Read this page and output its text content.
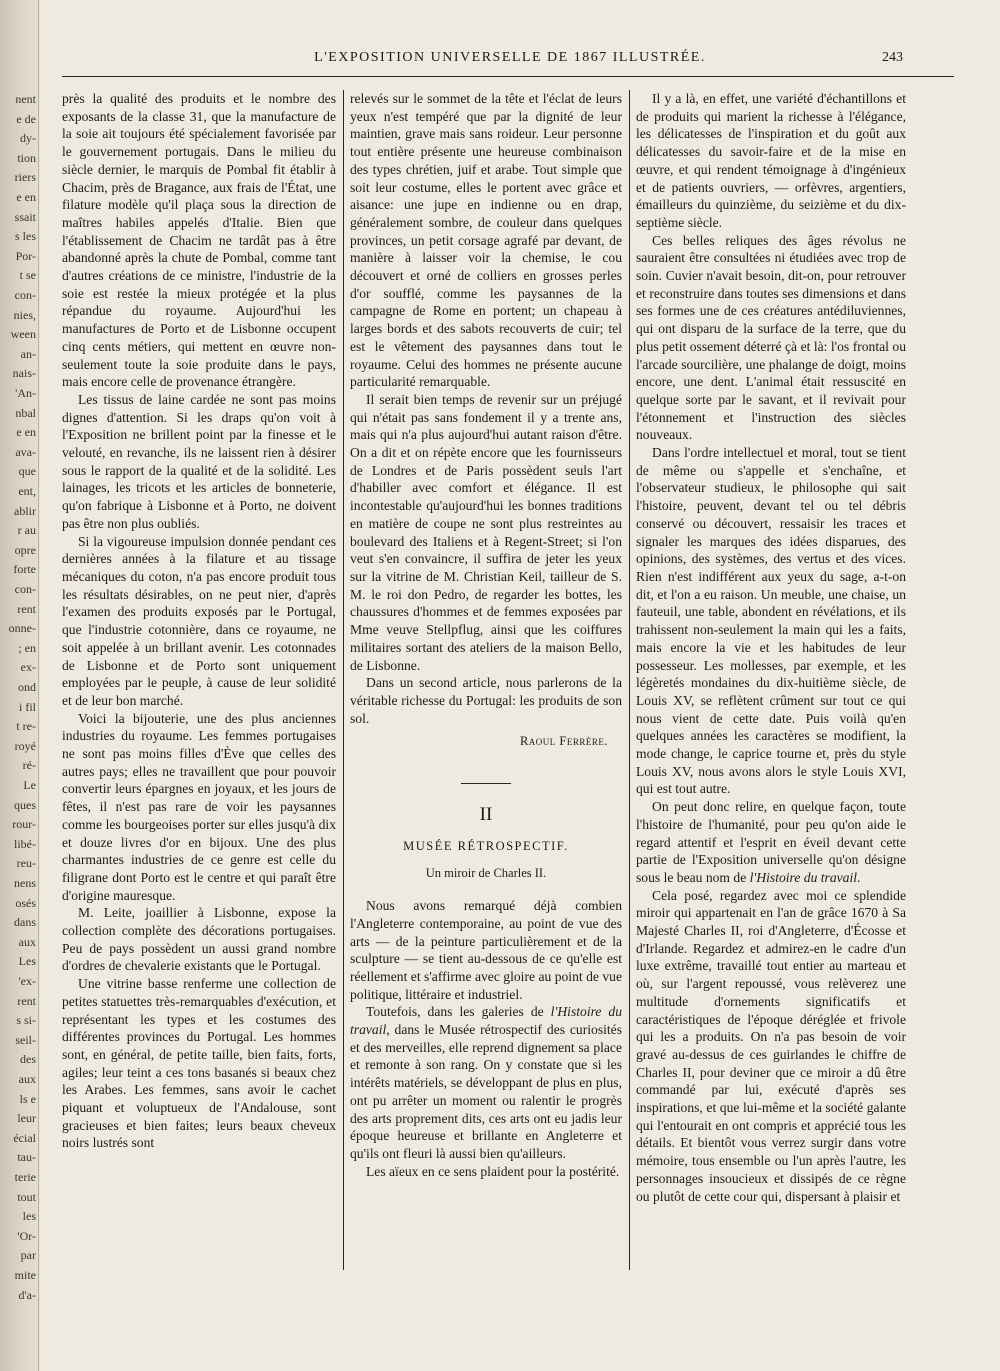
nent
e de
dy-
tion
riers
e en
ssait
s les
Por-
t se
con-
nies,
ween
an-
nais-
'An-
nbal
e en
ava-
que
ent,
ablir
r au
opre
forte
con-
rent
onne-
; en
ex-
ond
i fil
t re-
royé
ré-
Le
ques
rour-
libé-
reu-
nens
osés
dans
aux
Les
'ex-
rent
s si-
seil-
des
aux
ls e
leur
écial
tau-
terie
tout
les
'Or-
par
mite
d'a-
L'EXPOSITION UNIVERSELLE DE 1867 ILLUSTRÉE.	243

près la qualité des produits et le nombre des exposants de la classe 31, que la manufacture de la soie ait toujours été spécialement favorisée par le gouvernement portugais. Dans le milieu du siècle dernier, le marquis de Pombal fit établir à Chacim, près de Bragance, aux frais de l'État, une filature modèle qu'il plaça sous la direction de maîtres habiles appelés d'Italie. Bien que l'établissement de Chacim ne tardât pas à être abandonné après la chute de Pombal, comme tant d'autres créations de ce ministre, l'industrie de la soie est restée la mieux protégée et la plus répandue du royaume. Aujourd'hui les manufactures de Porto et de Lisbonne occupent cinq cents métiers, qui mettent en œuvre non-seulement toute la soie produite dans le pays, mais encore celle de provenance étrangère.

Les tissus de laine cardée ne sont pas moins dignes d'attention. Si les draps qu'on voit à l'Exposition ne brillent point par la finesse et le velouté, en revanche, ils ne laissent rien à désirer sous le rapport de la qualité et de la solidité. Les lainages, les tricots et les articles de bonneterie, qu'on fabrique à Lisbonne et à Porto, ne doivent pas être non plus oubliés.

Si la vigoureuse impulsion donnée pendant ces dernières années à la filature et au tissage mécaniques du coton, n'a pas encore produit tous les résultats désirables, on ne peut nier, d'après l'examen des produits exposés par le Portugal, que l'industrie cotonnière, dans ce royaume, ne soit appelée à un brillant avenir. Les cotonnades de Lisbonne et de Porto sont uniquement employées par le peuple, à cause de leur solidité et de leur bon marché.

Voici la bijouterie, une des plus anciennes industries du royaume. Les femmes portugaises ne sont pas moins filles d'Ève que celles des autres pays; elles ne travaillent que pour pouvoir convertir leurs épargnes en joyaux, et les jours de fêtes, il n'est pas rare de voir les paysannes comme les bourgeoises porter sur elles jusqu'à dix et douze livres d'or en bijoux. Une des plus charmantes industries de ce genre est celle du filigrane dont Porto est le centre et qui paraît être d'origine mauresque.

M. Leite, joaillier à Lisbonne, expose la collection complète des décorations portugaises. Peu de pays possèdent un aussi grand nombre d'ordres de chevalerie existants que le Portugal.

Une vitrine basse renferme une collection de petites statuettes très-remarquables d'exécution, et représentant les types et les costumes des différentes provinces du Portugal. Les hommes sont, en général, de petite taille, bien faits, forts, agiles; leur teint a ces tons basanés si beaux chez les Arabes. Les femmes, sans avoir le cachet piquant et voluptueux de l'Andalouse, sont gracieuses et bien faites; leurs beaux cheveux noirs lustrés sont

relevés sur le sommet de la tête et l'éclat de leurs yeux n'est tempéré que par la dignité de leur maintien, grave mais sans roideur. Leur personne tout entière présente une heureuse combinaison des types chrétien, juif et arabe. Tout simple que soit leur costume, elles le portent avec grâce et aisance: une jupe en indienne ou en drap, généralement sombre, de couleur dans quelques provinces, un petit corsage agrafé par devant, de manière à laisser voir la chemise, le cou découvert et orné de colliers en grosses perles d'or soufflé, comme les paysannes de la campagne de Rome en portent; un chapeau à larges bords et des sabots recouverts de cuir; tel est le vêtement des paysannes dans tout le royaume. Celui des hommes ne présente aucune particularité remarquable.

Il serait bien temps de revenir sur un préjugé qui n'était pas sans fondement il y a trente ans, mais qui n'a plus aujourd'hui autant raison d'être. On a dit et on répète encore que les fournisseurs de Londres et de Paris possèdent seuls l'art d'habiller avec comfort et élégance. Il est incontestable qu'aujourd'hui les bonnes traditions en matière de coupe ne sont plus restreintes au boulevard des Italiens et à Regent-Street; si l'on veut s'en convaincre, il suffira de jeter les yeux sur la vitrine de M. Christian Keil, tailleur de S. M. le roi don Pedro, de regarder les bottes, les chaussures d'hommes et de femmes exposées par Mme veuve Stellpflug, ainsi que les coiffures militaires sortant des ateliers de la maison Bello, de Lisbonne.

Dans un second article, nous parlerons de la véritable richesse du Portugal: les produits de son sol.

Raoul Ferrère.
II
MUSÉE RÉTROSPECTIF.
Un miroir de Charles II.

Nous avons remarqué déjà combien l'Angleterre contemporaine, au point de vue des arts — de la peinture particulièrement et de la sculpture — se tient au-dessous de ce qu'elle est réellement et s'affirme avec gloire au point de vue politique, littéraire et industriel.

Toutefois, dans les galeries de l'Histoire du travail, dans le Musée rétrospectif des curiosités et des merveilles, elle reprend dignement sa place et remonte à son rang. On y constate que si les intérêts matériels, se développant de plus en plus, ont pu arrêter un moment ou ralentir le progrès des arts proprement dits, ces arts ont eu jadis leur époque heureuse et brillante en Angleterre et qu'ils ont fleuri là aussi bien qu'ailleurs.

Les aïeux en ce sens plaident pour la postérité.

Il y a là, en effet, une variété d'échantillons et de produits qui marient la richesse à l'élégance, les délicatesses de l'inspiration et du goût aux délicatesses du savoir-faire et de la mise en œuvre, et qui rendent témoignage à d'ingénieux et de patients ouvriers, — orfèvres, argentiers, émailleurs du quinzième, du seizième et du dix-septième siècle.

Ces belles reliques des âges révolus ne sauraient être consultées ni étudiées avec trop de soin. Cuvier n'avait besoin, dit-on, pour retrouver et reconstruire dans toutes ses dimensions et dans ses formes une de ces créatures antédiluviennes, qui ont disparu de la surface de la terre, que du plus petit ossement déterré çà et là: l'os frontal ou l'arcade sourcilière, une phalange de doigt, moins encore, une dent. L'animal était ressuscité en quelque sorte par le savant, et il revivait pour l'étonnement et l'instruction des siècles nouveaux.

Dans l'ordre intellectuel et moral, tout se tient de même ou s'appelle et s'enchaîne, et l'observateur studieux, le philosophe qui sait l'histoire, peuvent, devant tel ou tel débris conservé ou découvert, ressaisir les traces et signaler les marques des idées disparues, des opinions, des systèmes, des vertus et des vices. Rien n'est indifférent aux yeux du sage, a-t-on dit, et l'on a eu raison. Un meuble, une chaise, un fauteuil, une table, abondent en révélations, et ils trahissent non-seulement la main qui les a faits, mais encore la vie et les habitudes de leur possesseur. Les mollesses, par exemple, et les légèretés mondaines du dix-huitième siècle, de Louis XV, se reflètent crûment sur tout ce qui nous vient de cette date. Puis voilà qu'en quelques années les caractères se modifient, la mode change, le caprice tourne et, près du style Louis XV, nous avons alors le style Louis XVI, qui est tout autre.

On peut donc relire, en quelque façon, toute l'histoire de l'humanité, pour peu qu'on aide le regard attentif et l'esprit en éveil devant cette partie de l'Exposition universelle qu'on désigne sous le beau nom de l'Histoire du travail.

Cela posé, regardez avec moi ce splendide miroir qui appartenait en l'an de grâce 1670 à Sa Majesté Charles II, roi d'Angleterre, d'Écosse et d'Irlande. Regardez et admirez-en le cadre d'un luxe extrême, travaillé tout entier au marteau et où, sur l'argent repoussé, vous relèverez une multitude d'ornements significatifs et caractéristiques de l'époque déréglée et frivole qui les a produits. On n'a pas besoin de voir gravé au-dessus de ces guirlandes le chiffre de Charles II, pour deviner que ce miroir a dû être commandé par lui, exécuté d'après ses inspirations, et que lui-même et la société galante qui l'entourait en ont compris et apprécié tous les détails. Et bientôt vous verrez surgir dans votre mémoire, tous ensemble ou l'un après l'autre, les personnages insoucieux et dissipés de ce règne ou plutôt de cette cour qui, dispersant à plaisir et
